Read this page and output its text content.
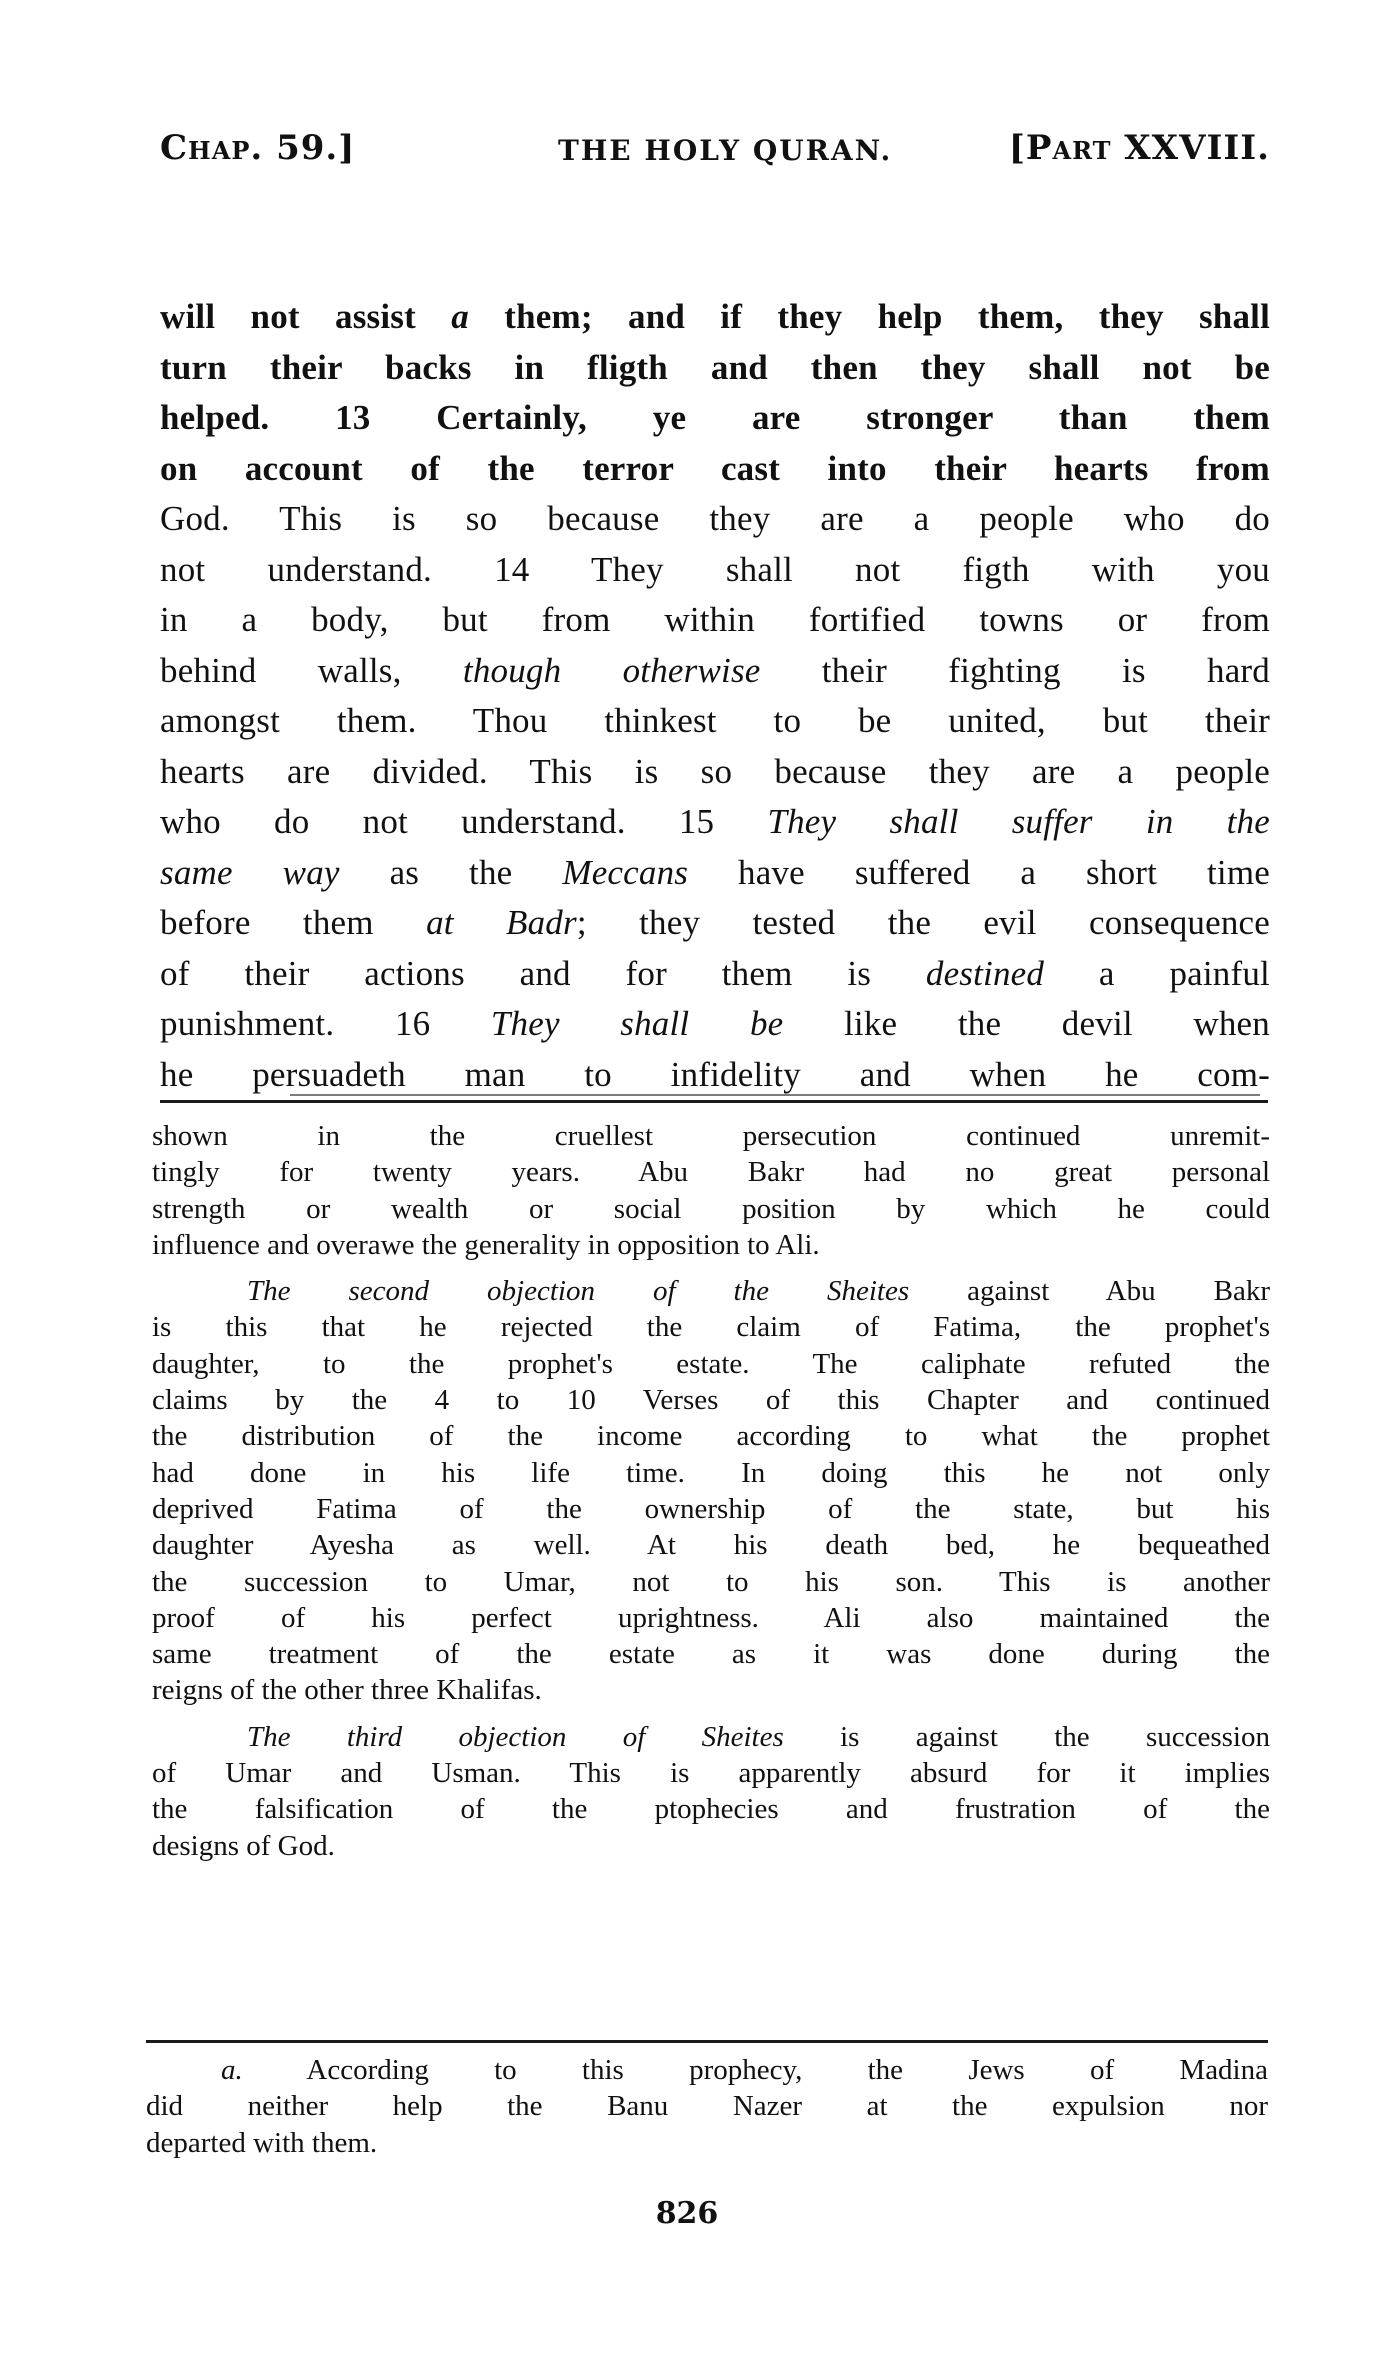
Chap. 59.]	THE HOLY QURAN.	[Part XXVIII.
will not assist a them; and if they help them, they shall
turn their backs in fligth and then they shall not be
helped. 13 Certainly, ye are stronger than them
on account of the terror cast into their hearts from
God. This is so because they are a people who do
not understand. 14 They shall not figth with you
in a body, but from within fortified towns or from
behind walls, though otherwise their fighting is hard
amongst them. Thou thinkest to be united, but their
hearts are divided. This is so because they are a people
who do not understand. 15 They shall suffer in the
same way as the Meccans have suffered a short time
before them at Badr; they tested the evil consequence
of their actions and for them is destined a painful
punishment. 16 They shall be like the devil when
he persuadeth man to infidelity and when he com-
shown in the cruellest persecution continued unremit-
tingly for twenty years. Abu Bakr had no great personal
strength or wealth or social position by which he could
influence and overawe the generality in opposition to Ali.
The second objection of the Sheites against Abu Bakr
is this that he rejected the claim of Fatima, the prophet's
daughter, to the prophet's estate. The caliphate refuted the
claims by the 4 to 10 Verses of this Chapter and continued
the distribution of the income according to what the prophet
had done in his life time. In doing this he not only
deprived Fatima of the ownership of the state, but his
daughter Ayesha as well. At his death bed, he bequeathed
the succession to Umar, not to his son. This is another
proof of his perfect uprightness. Ali also maintained the
same treatment of the estate as it was done during the
reigns of the other three Khalifas.
The third objection of Sheites is against the succession
of Umar and Usman. This is apparently absurd for it implies
the falsification of the ptophecies and frustration of the
designs of God.
a. According to this prophecy, the Jews of Madina
did neither help the Banu Nazer at the expulsion nor
departed with them.
826
